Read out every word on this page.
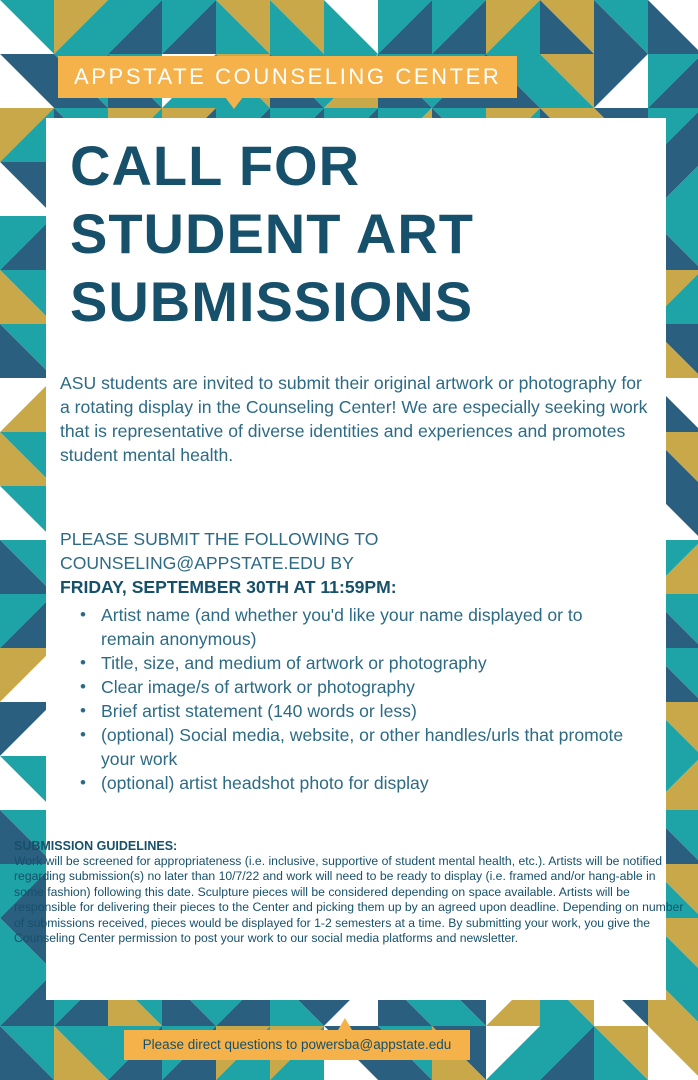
APPSTATE COUNSELING CENTER
CALL FOR
STUDENT ART
SUBMISSIONS

ASU students are invited to submit their original artwork or photography for a rotating display in the Counseling Center! We are especially seeking work that is representative of diverse identities and experiences and promotes student mental health.

PLEASE SUBMIT THE FOLLOWING TO
COUNSELING@APPSTATE.EDU BY
FRIDAY, SEPTEMBER 30TH AT 11:59PM:
• Artist name (and whether you'd like your name displayed or to remain anonymous)
• Title, size, and medium of artwork or photography
• Clear image/s of artwork or photography
• Brief artist statement (140 words or less)
• (optional) Social media, website, or other handles/urls that promote your work
• (optional) artist headshot photo for display
SUBMISSION GUIDELINES:

Work will be screened for appropriateness (i.e. inclusive, supportive of student mental health, etc.). Artists will be notified regarding submission(s) no later than 10/7/22 and work will need to be ready to display (i.e. framed and/or hang-able in some fashion) following this date. Sculpture pieces will be considered depending on space available. Artists will be responsible for delivering their pieces to the Center and picking them up by an agreed upon deadline. Depending on number of submissions received, pieces would be displayed for 1-2 semesters at a time. By submitting your work, you give the Counseling Center permission to post your work to our social media platforms and newsletter.

Please direct questions to powersba@appstate.edu
